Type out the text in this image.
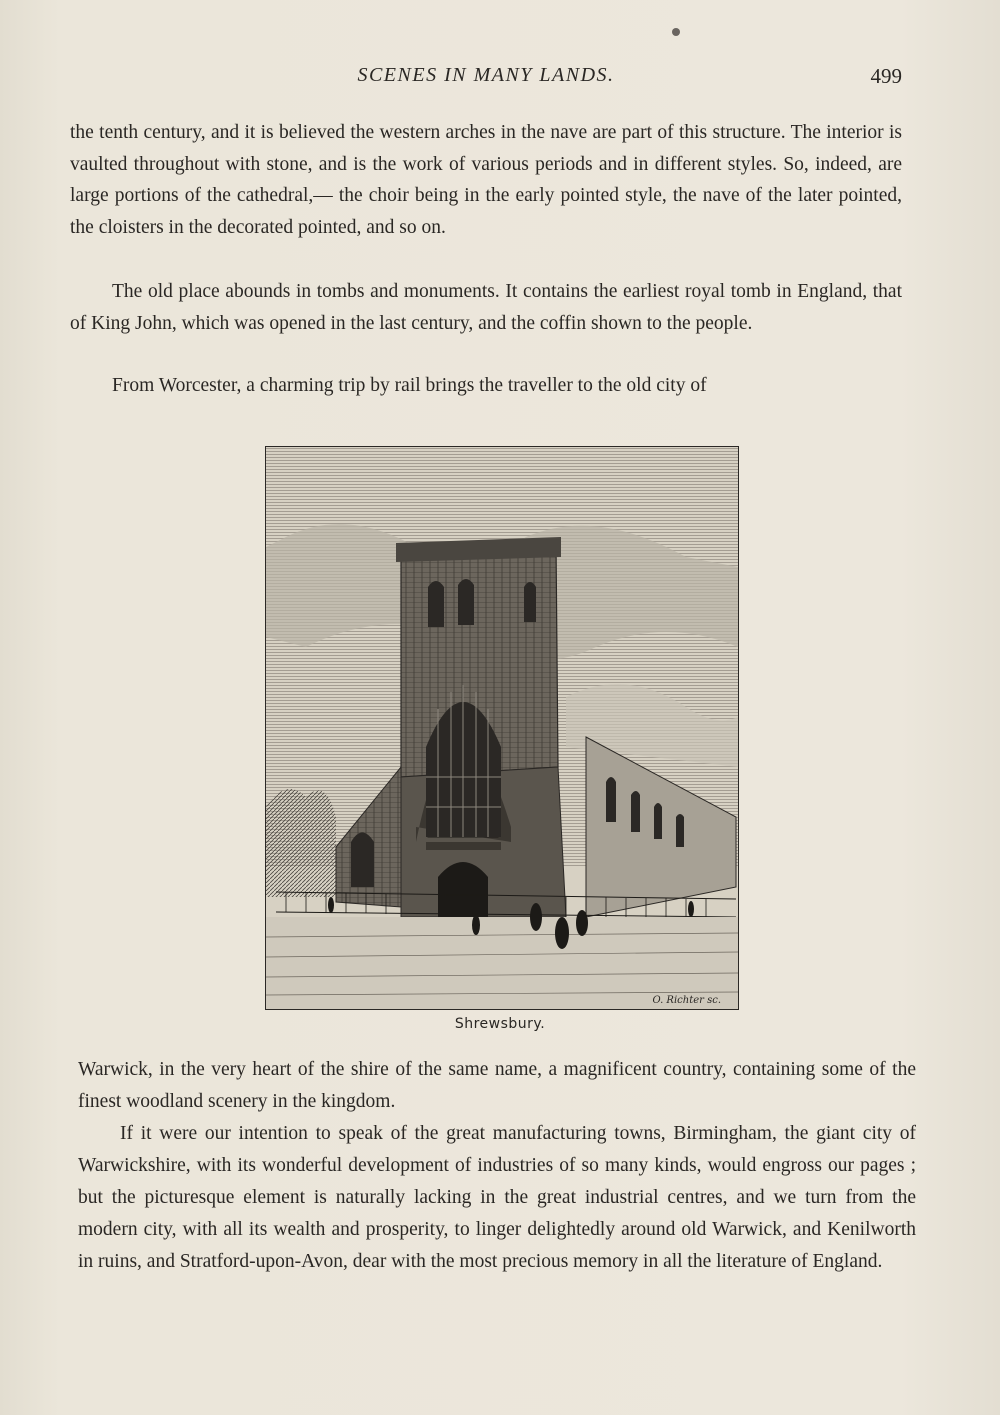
SCENES IN MANY LANDS.	499

the tenth century, and it is believed the western arches in the nave are part of this structure. The interior is vaulted throughout with stone, and is the work of various periods and in different styles. So, indeed, are large portions of the cathedral,— the choir being in the early pointed style, the nave of the later pointed, the cloisters in the decorated pointed, and so on.

The old place abounds in tombs and monuments. It contains the earliest royal tomb in England, that of King John, which was opened in the last century, and the coffin shown to the people.

From Worcester, a charming trip by rail brings the traveller to the old city of

O. Richter sc.
Shrewsbury.

Warwick, in the very heart of the shire of the same name, a magnificent country, containing some of the finest woodland scenery in the kingdom.

If it were our intention to speak of the great manufacturing towns, Birmingham, the giant city of Warwickshire, with its wonderful development of industries of so many kinds, would engross our pages ; but the picturesque element is naturally lacking in the great industrial centres, and we turn from the modern city, with all its wealth and prosperity, to linger delightedly around old Warwick, and Kenilworth in ruins, and Stratford-upon-Avon, dear with the most precious memory in all the literature of England.
